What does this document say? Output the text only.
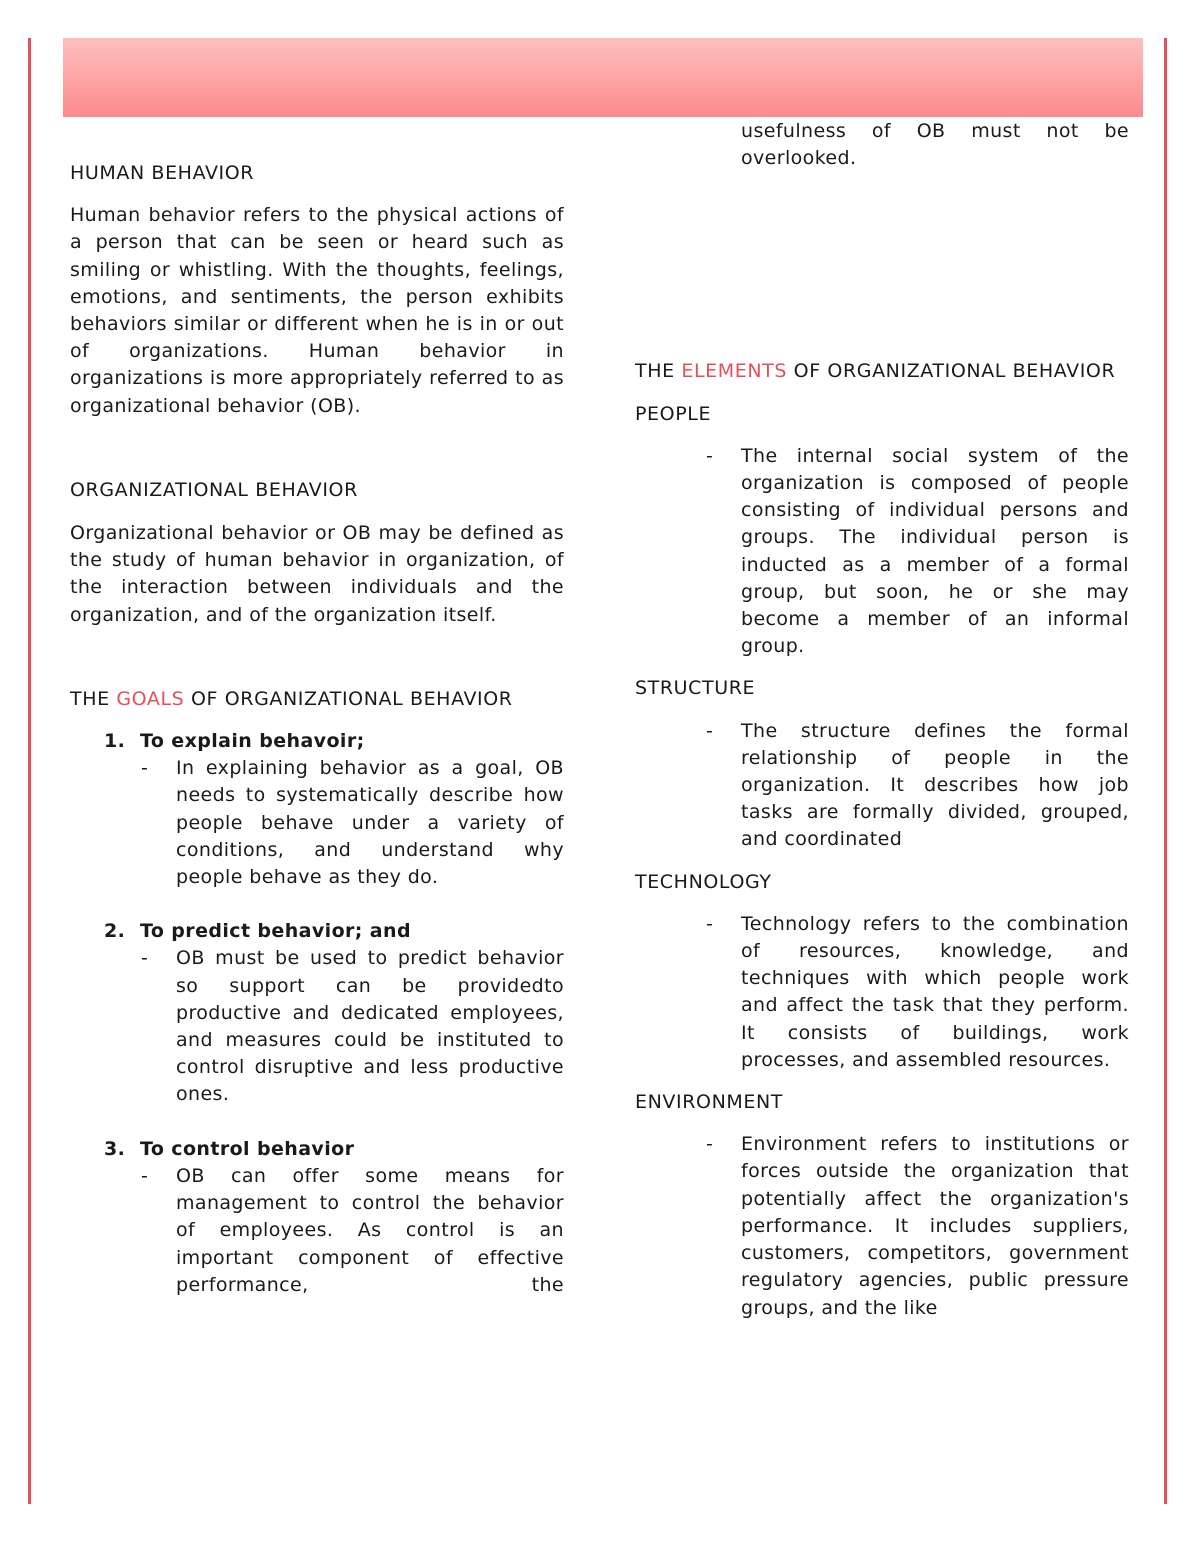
HUMAN BEHAVIOR

Human behavior refers to the physical actions of a person that can be seen or heard such as smiling or whistling. With the thoughts, feelings, emotions, and sentiments, the person exhibits behaviors similar or different when he is in or out of organizations. Human behavior in organizations is more appropriately referred to as organizational behavior (OB).

ORGANIZATIONAL BEHAVIOR

Organizational behavior or OB may be defined as the study of human behavior in organization, of the interaction between individuals and the organization, and of the organization itself.

THE GOALS OF ORGANIZATIONAL BEHAVIOR
1. To explain behavoir;
- In explaining behavior as a goal, OB needs to systematically describe how people behave under a variety of conditions, and understand why people behave as they do.
2. To predict behavior; and
- OB must be used to predict behavior so support can be providedto productive and dedicated employees, and measures could be instituted to control disruptive and less productive ones.
3. To control behavior
- OB can offer some means for management to control the behavior of employees. As control is an important component of effective performance, the
usefulness of OB must not be overlooked.
THE ELEMENTS OF ORGANIZATIONAL BEHAVIOR
PEOPLE
- The internal social system of the organization is composed of people consisting of individual persons and groups. The individual person is inducted as a member of a formal group, but soon, he or she may become a member of an informal group.
STRUCTURE
- The structure defines the formal relationship of people in the organization. It describes how job tasks are formally divided, grouped, and coordinated
TECHNOLOGY
- Technology refers to the combination of resources, knowledge, and techniques with which people work and affect the task that they perform. It consists of buildings, work processes, and assembled resources.
ENVIRONMENT
- Environment refers to institutions or forces outside the organization that potentially affect the organization's performance. It includes suppliers, customers, competitors, government regulatory agencies, public pressure groups, and the like
